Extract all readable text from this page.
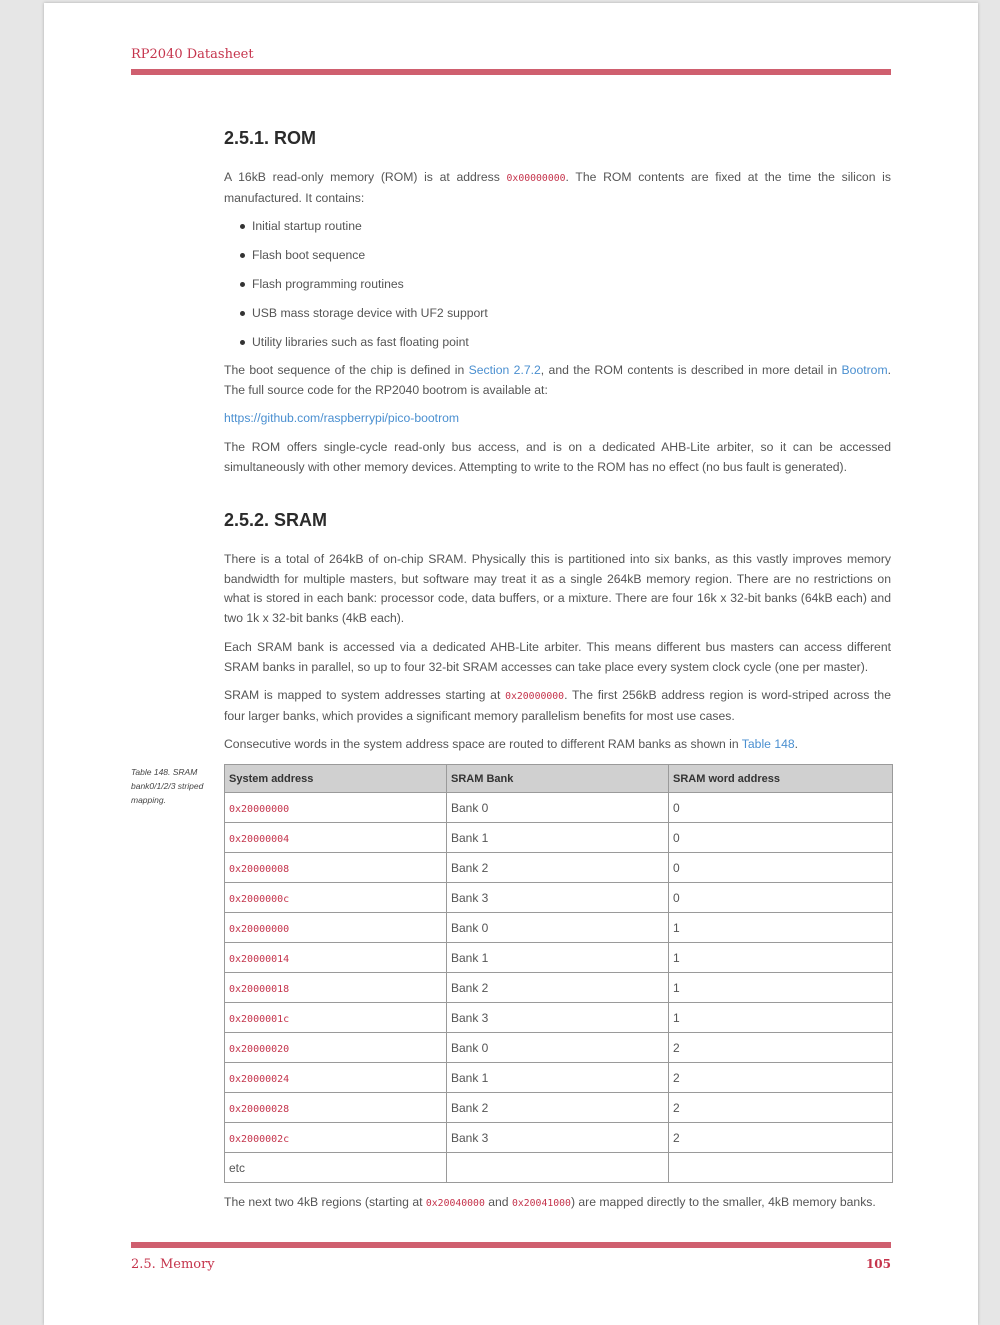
RP2040 Datasheet
2.5.1. ROM

A 16kB read-only memory (ROM) is at address 0x00000000. The ROM contents are fixed at the time the silicon is manufactured. It contains:

Initial startup routine
Flash boot sequence
Flash programming routines
USB mass storage device with UF2 support
Utility libraries such as fast floating point

The boot sequence of the chip is defined in Section 2.7.2, and the ROM contents is described in more detail in Bootrom. The full source code for the RP2040 bootrom is available at:

https://github.com/raspberrypi/pico-bootrom

The ROM offers single-cycle read-only bus access, and is on a dedicated AHB-Lite arbiter, so it can be accessed simultaneously with other memory devices. Attempting to write to the ROM has no effect (no bus fault is generated).

2.5.2. SRAM

There is a total of 264kB of on-chip SRAM. Physically this is partitioned into six banks, as this vastly improves memory bandwidth for multiple masters, but software may treat it as a single 264kB memory region. There are no restrictions on what is stored in each bank: processor code, data buffers, or a mixture. There are four 16k x 32-bit banks (64kB each) and two 1k x 32-bit banks (4kB each).

Each SRAM bank is accessed via a dedicated AHB-Lite arbiter. This means different bus masters can access different SRAM banks in parallel, so up to four 32-bit SRAM accesses can take place every system clock cycle (one per master).

SRAM is mapped to system addresses starting at 0x20000000. The first 256kB address region is word-striped across the four larger banks, which provides a significant memory parallelism benefits for most use cases.

Consecutive words in the system address space are routed to different RAM banks as shown in Table 148.

The next two 4kB regions (starting at 0x20040000 and 0x20041000) are mapped directly to the smaller, 4kB memory banks.

Table 148. SRAM bank0/1/2/3 striped mapping.
System address	SRAM Bank	SRAM word address
0x20000000	Bank 0	0
0x20000004	Bank 1	0
0x20000008	Bank 2	0
0x2000000c	Bank 3	0
0x20000000	Bank 0	1
0x20000014	Bank 1	1
0x20000018	Bank 2	1
0x2000001c	Bank 3	1
0x20000020	Bank 0	2
0x20000024	Bank 1	2
0x20000028	Bank 2	2
0x2000002c	Bank 3	2
etc		
2.5. Memory	105
